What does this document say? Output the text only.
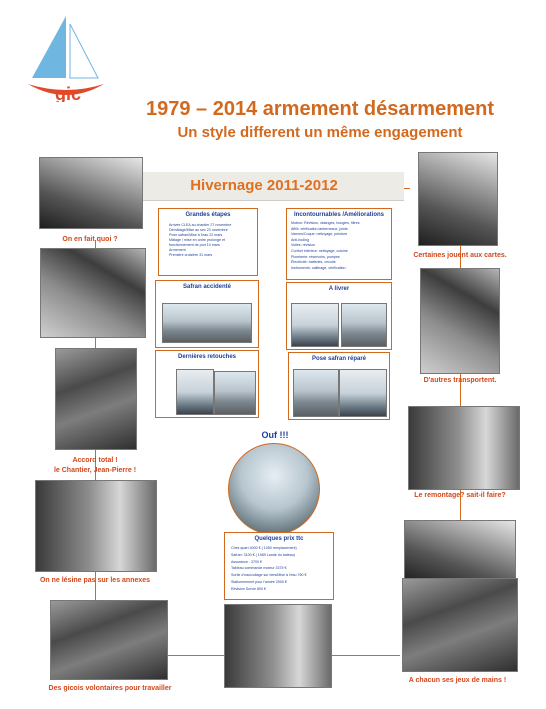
gic
1979 – 2014 armement désarmement
Un style different un même engagement
Hivernage 2011-2012
On en fait quoi ?
Accord total !
le Chantier, Jean-Pierre !
On ne lésine pas sur les annexes
Des gicois volontaires pour travailler
Certaines jouent aux cartes.
D'autres transportent.
Le remontage? sait-il faire?
A chacun ses jeux de mains !
Grandes étapes
Arrivée CLEA au chantier 27 novembre
Démâtage/Mise au sec 23 novembre
Pose safran/Mise à l'eau 22 mars
Mâtage / mise en ordre prolongé et
fonctionnement de port 10 mars
Armement
Première croisière 31 mars
Incontournables /Améliorations
Moteur: Révision, vidanges, bougies, filtres
Affût: vérification lanterneaux, joints
Vannes/Coque: nettoyage, peinture
Anti-fouling
Voiles: révision
Confort intérieur: nettoyage, cuisine
Plomberie: réservoirs, pompes
Électricité: batteries, circuits
Instruments: calibrage, vérification
Safran accidenté	A livrer
Dernières retouches	Pose safran réparé
Ouf !!!
Quelques prix ttc
Chez quart 4000 € ( 1050 remplacement)
Safran: 3100 € ( 1989 Lande du bateau)
Assurance : 3700 €
Tableau commande moteur 3375 €
Sortie d'eau/collage sur bers/Mise à l'eau 760 €
Stationnement pour l'année 2900 €
Révision Survie 800 €
